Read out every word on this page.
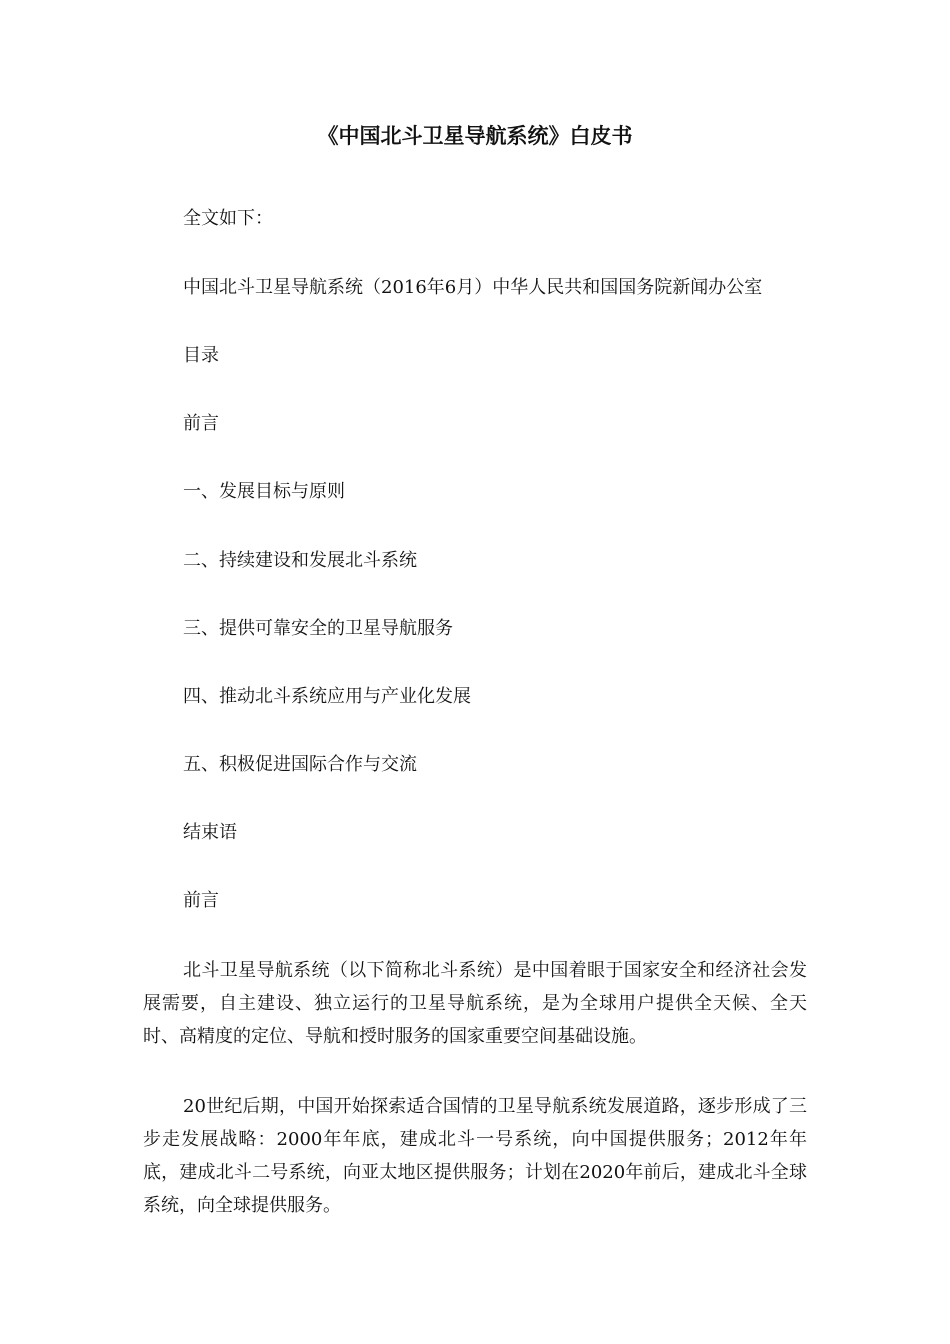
《中国北斗卫星导航系统》白皮书
全文如下：
中国北斗卫星导航系统（2016年6月）中华人民共和国国务院新闻办公室
目录
前言
一、发展目标与原则
二、持续建设和发展北斗系统
三、提供可靠安全的卫星导航服务
四、推动北斗系统应用与产业化发展
五、积极促进国际合作与交流
结束语
前言
北斗卫星导航系统（以下简称北斗系统）是中国着眼于国家安全和经济社会发展需要，自主建设、独立运行的卫星导航系统，是为全球用户提供全天候、全天时、高精度的定位、导航和授时服务的国家重要空间基础设施。
20世纪后期，中国开始探索适合国情的卫星导航系统发展道路，逐步形成了三步走发展战略：2000年年底，建成北斗一号系统，向中国提供服务；2012年年底，建成北斗二号系统，向亚太地区提供服务；计划在2020年前后，建成北斗全球系统，向全球提供服务。
